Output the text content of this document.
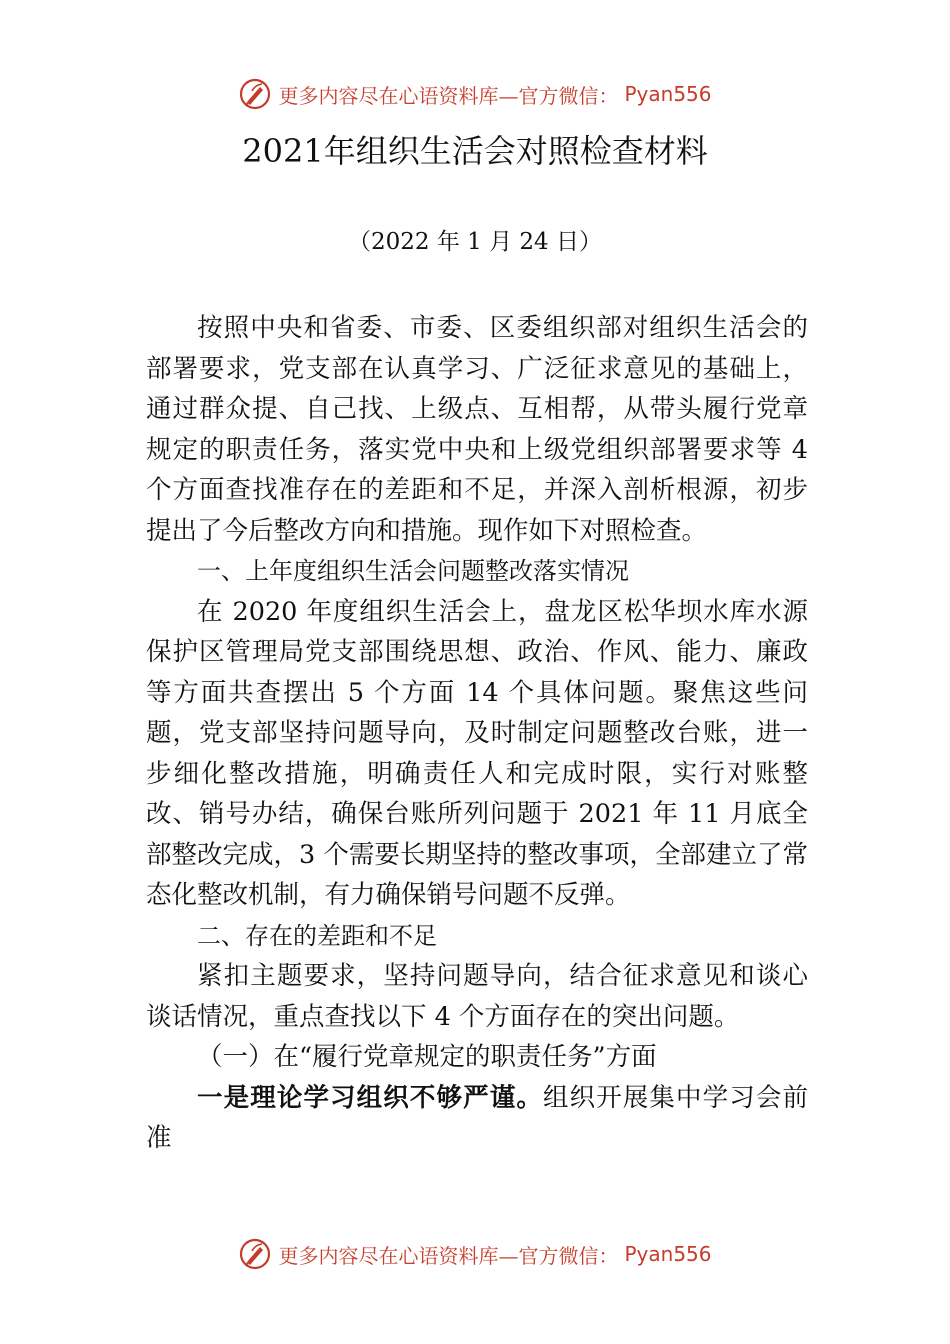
更多内容尽在心语资料库—官方微信： Pyan556
2021年组织生活会对照检查材料
（2022 年 1 月 24 日）

按照中央和省委、市委、区委组织部对组织生活会的部署要求，党支部在认真学习、广泛征求意见的基础上，通过群众提、自己找、上级点、互相帮，从带头履行党章规定的职责任务，落实党中央和上级党组织部署要求等 4 个方面查找准存在的差距和不足，并深入剖析根源，初步提出了今后整改方向和措施。现作如下对照检查。

一、上年度组织生活会问题整改落实情况

在 2020 年度组织生活会上，盘龙区松华坝水库水源保护区管理局党支部围绕思想、政治、作风、能力、廉政等方面共查摆出 5 个方面 14 个具体问题。聚焦这些问题，党支部坚持问题导向，及时制定问题整改台账，进一步细化整改措施，明确责任人和完成时限，实行对账整改、销号办结，确保台账所列问题于 2021 年 11 月底全部整改完成，3 个需要长期坚持的整改事项，全部建立了常态化整改机制，有力确保销号问题不反弹。

二、存在的差距和不足

紧扣主题要求，坚持问题导向，结合征求意见和谈心谈话情况，重点查找以下 4 个方面存在的突出问题。

（一）在“履行党章规定的职责任务”方面

一是理论学习组织不够严谨。组织开展集中学习会前准

更多内容尽在心语资料库—官方微信： Pyan556
